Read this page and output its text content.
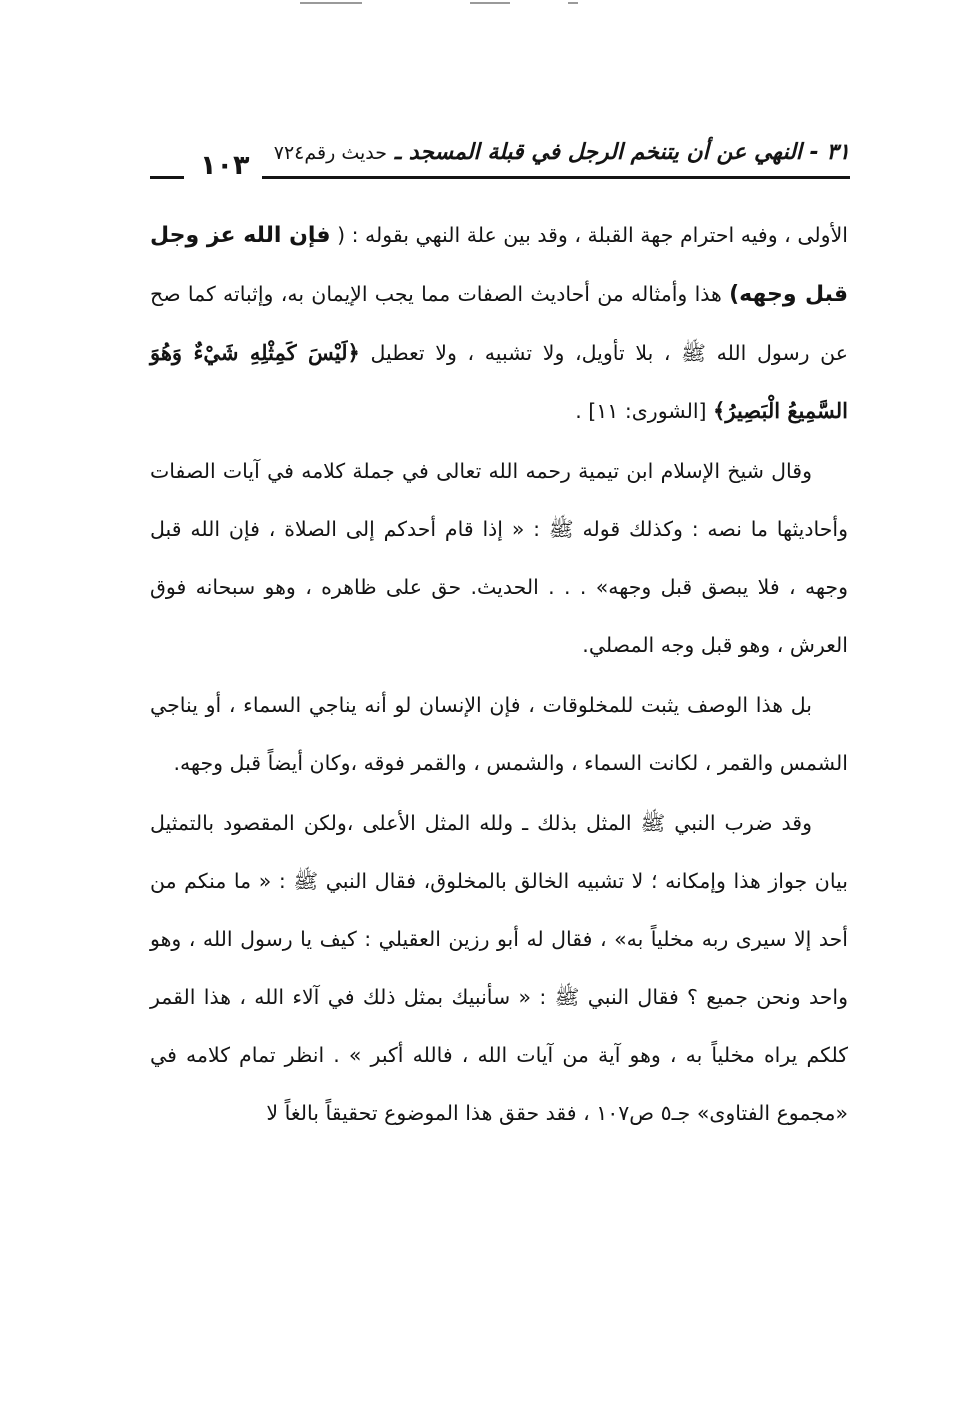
٣١ - النهي عن أن يتنخم الرجل في قبلة المسجد ـ حديث رقم٧٢٤
١٠٣

الأولى ، وفيه احترام جهة القبلة ، وقد بين علة النهي بقوله : ( فإن الله عز وجل قبل وجهه) هذا وأمثاله من أحاديث الصفات مما يجب الإيمان به، وإثباته كما صح عن رسول الله ﷺ ، بلا تأويل، ولا تشبيه ، ولا تعطيل ﴿لَيْسَ كَمِثْلِهِ شَيْءٌ وَهُوَ السَّمِيعُ الْبَصِيرُ﴾ [الشورى: ١١] .

وقال شيخ الإسلام ابن تيمية رحمه الله تعالى في جملة كلامه في آيات الصفات وأحاديثها ما نصه : وكذلك قوله ﷺ : « إذا قام أحدكم إلى الصلاة ، فإن الله قبل وجهه ، فلا يبصق قبل وجهه» . . . الحديث. حق على ظاهره ، وهو سبحانه فوق العرش ، وهو قبل وجه المصلي.

بل هذا الوصف يثبت للمخلوقات ، فإن الإنسان لو أنه يناجي السماء ، أو يناجي الشمس والقمر ، لكانت السماء ، والشمس ، والقمر فوقه ،وكان أيضاً قبل وجهه.

وقد ضرب النبي ﷺ المثل بذلك ـ ولله المثل الأعلى ،ولكن المقصود بالتمثيل بيان جواز هذا وإمكانه ؛ لا تشبيه الخالق بالمخلوق، فقال النبي ﷺ : « ما منكم من أحد إلا سيرى ربه مخلياً به» ، فقال له أبو رزين العقيلي : كيف يا رسول الله ، وهو واحد ونحن جميع ؟ فقال النبي ﷺ : « سأنبيك بمثل ذلك في آلاء الله ، هذا القمر كلكم يراه مخلياً به ، وهو آية من آيات الله ، فالله أكبر » . انظر تمام كلامه في «مجموع الفتاوى» جـ٥ ص١٠٧ ، فقد حقق هذا الموضوع تحقيقاً بالغاً لا
